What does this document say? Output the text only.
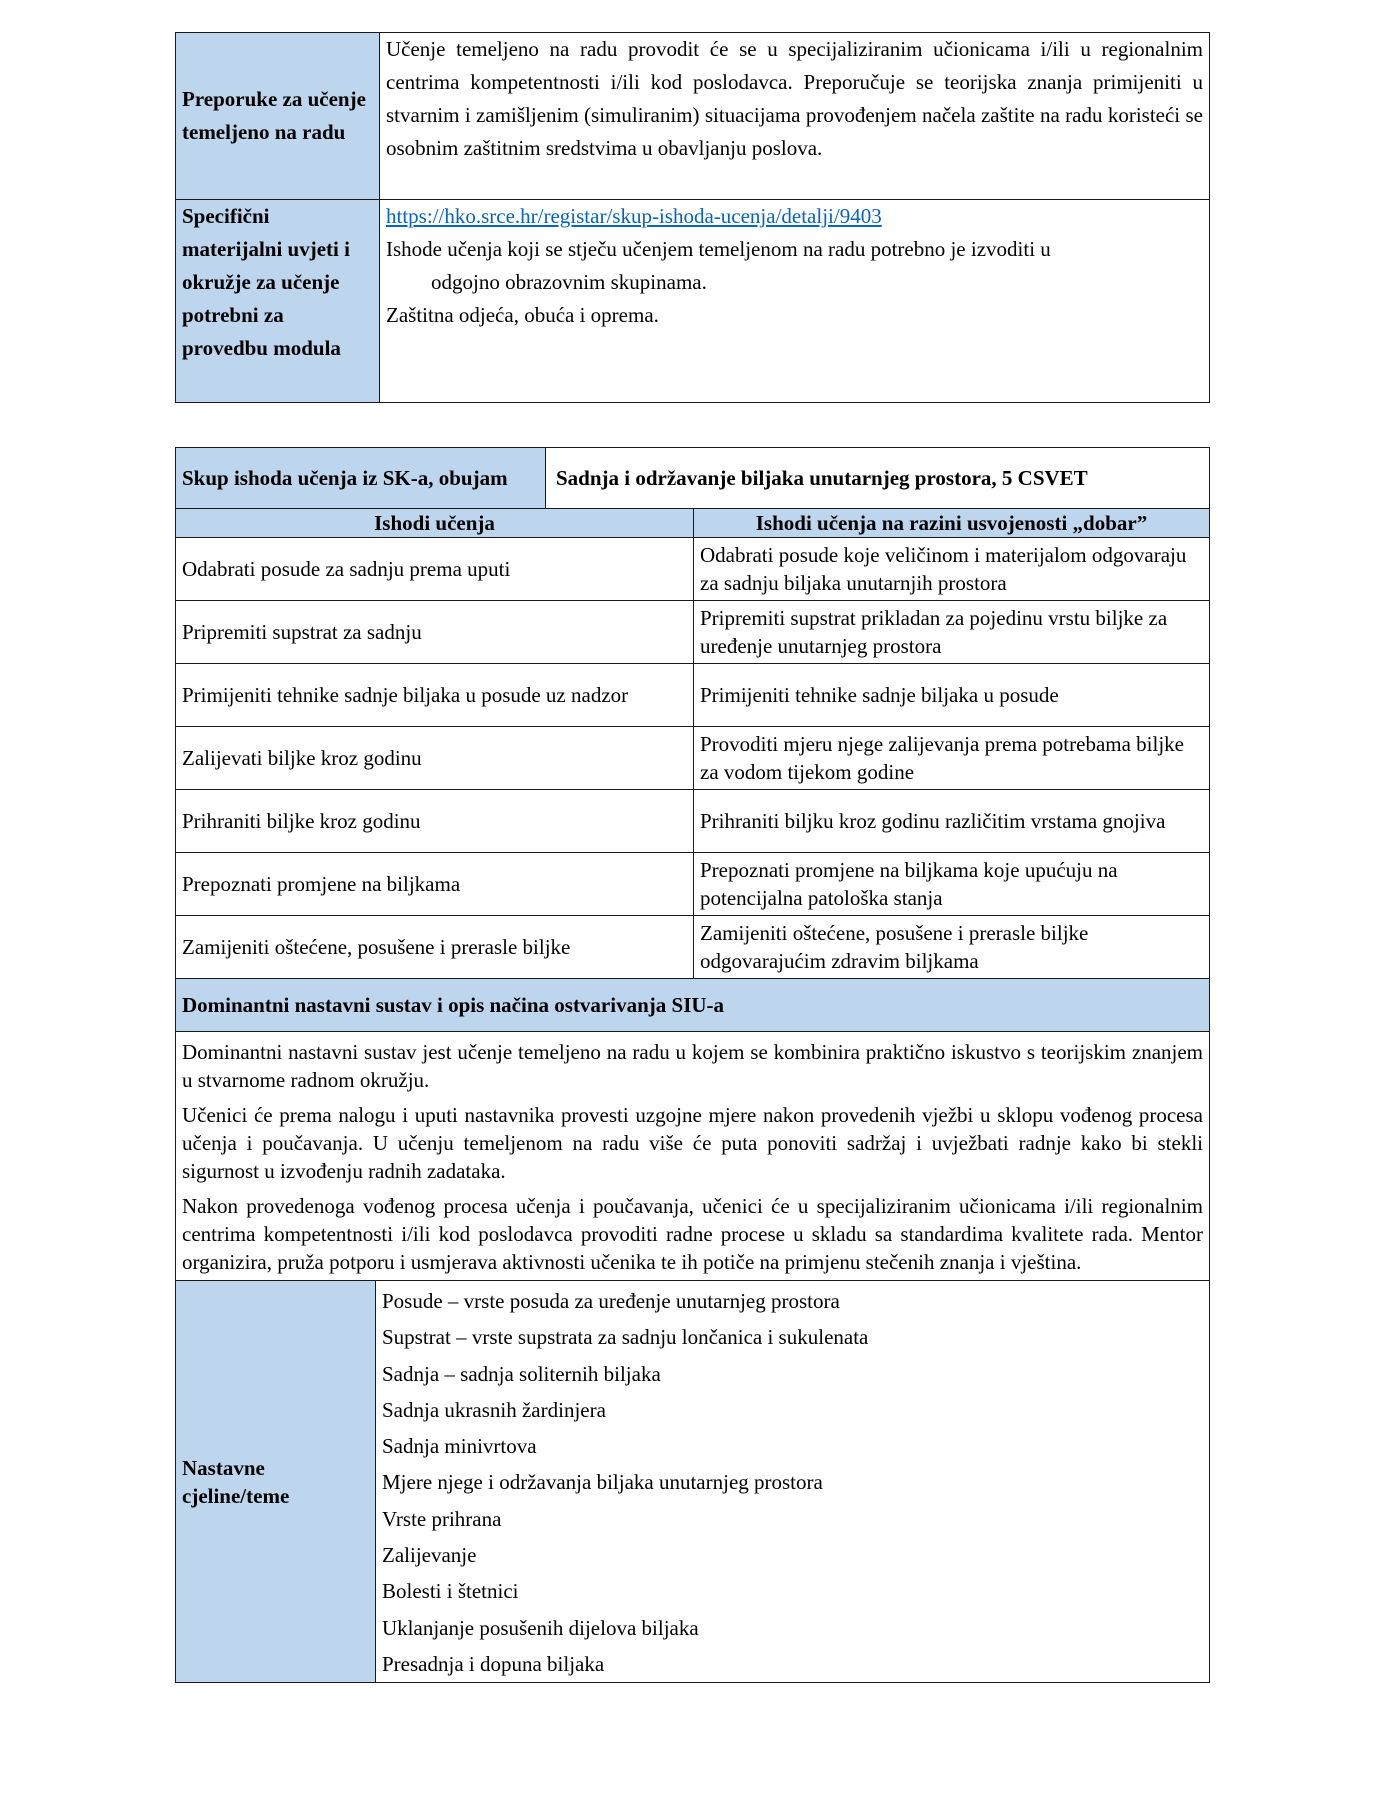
Preporuke za učenje temeljeno na radu	Učenje temeljeno na radu provodit će se u specijaliziranim učionicama i/ili u regionalnim centrima kompetentnosti i/ili kod poslodavca. Preporučuje se teorijska znanja primijeniti u stvarnim i zamišljenim (simuliranim) situacijama provođenjem načela zaštite na radu koristeći se osobnim zaštitnim sredstvima u obavljanju poslova.
Specifični materijalni uvjeti i okružje za učenje potrebni za provedbu modula	https://hko.srce.hr/registar/skup-ishoda-ucenja/detalji/9403
Ishode učenja koji se stječu učenjem temeljenom na radu potrebno je izvoditi u
odgojno obrazovnim skupinama.
Zaštitna odjeća, obuća i oprema.
Skup ishoda učenja iz SK-a, obujam		Sadnja i održavanje biljaka unutarnjeg prostora, 5 CSVET	
Ishodi učenja			Ishodi učenja na razini usvojenosti „dobar”
Odabrati posude za sadnju prema uputi			Odabrati posude koje veličinom i materijalom odgovaraju za sadnju biljaka unutarnjih prostora
Pripremiti supstrat za sadnju			Pripremiti supstrat prikladan za pojedinu vrstu biljke za uređenje unutarnjeg prostora
Primijeniti tehnike sadnje biljaka u posude uz nadzor			Primijeniti tehnike sadnje biljaka u posude
Zalijevati biljke kroz godinu			Provoditi mjeru njege zalijevanja prema potrebama biljke za vodom tijekom godine
Prihraniti biljke kroz godinu			Prihraniti biljku kroz godinu različitim vrstama gnojiva
Prepoznati promjene na biljkama			Prepoznati promjene na biljkama koje upućuju na potencijalna patološka stanja
Zamijeniti oštećene, posušene i prerasle biljke			Zamijeniti oštećene, posušene i prerasle biljke odgovarajućim zdravim biljkama
Dominantni nastavni sustav i opis načina ostvarivanja SIU-a			

Dominantni nastavni sustav jest učenje temeljeno na radu u kojem se kombinira praktično iskustvo s teorijskim znanjem u stvarnome radnom okružju.

Učenici će prema nalogu i uputi nastavnika provesti uzgojne mjere nakon provedenih vježbi u sklopu vođenog procesa učenja i poučavanja. U učenju temeljenom na radu više će puta ponoviti sadržaj i uvježbati radnje kako bi stekli sigurnost u izvođenju radnih zadataka.

Nakon provedenoga vođenog procesa učenja i poučavanja, učenici će u specijaliziranim učionicama i/ili regionalnim centrima kompetentnosti i/ili kod poslodavca provoditi radne procese u skladu sa standardima kvalitete rada. Mentor organizira, pruža potporu i usmjerava aktivnosti učenika te ih potiče na primjenu stečenih znanja i vještina.			

Nastavne cjeline/teme	
Posude – vrste posuda za uređenje unutarnjeg prostora
Supstrat – vrste supstrata za sadnju lončanica i sukulenata
Sadnja – sadnja soliternih biljaka
Sadnja ukrasnih žardinjera
Sadnja minivrtova
Mjere njege i održavanja biljaka unutarnjeg prostora
Vrste prihrana
Zalijevanje
Bolesti i štetnici
Uklanjanje posušenih dijelova biljaka
Presadnja i dopuna biljaka
